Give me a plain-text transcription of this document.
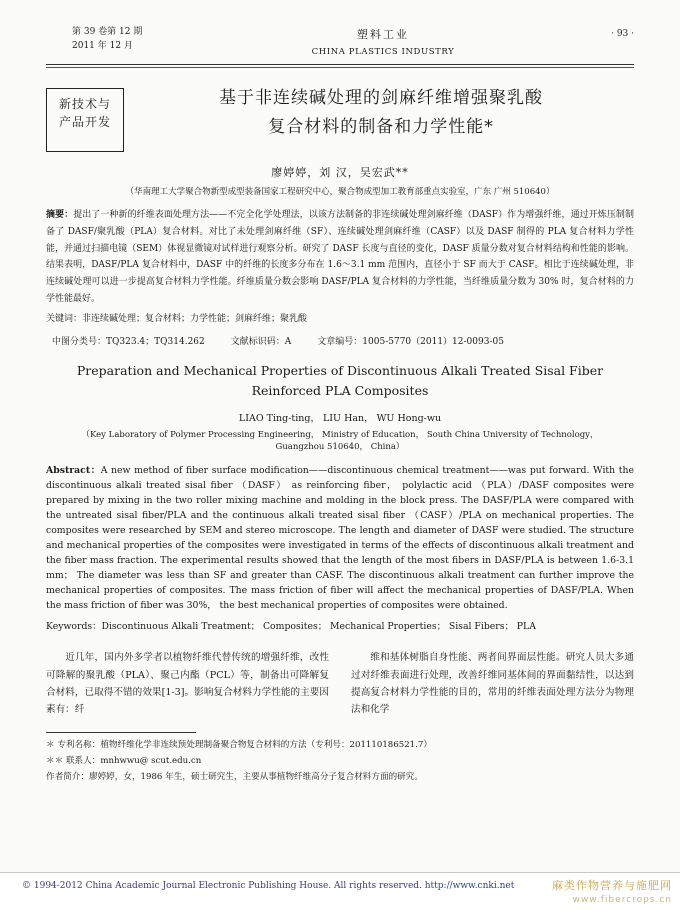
第 39 卷第 12 期
2011 年 12 月
塑料工业
CHINA PLASTICS INDUSTRY
· 93 ·
新技术与
产品开发
基于非连续碱处理的剑麻纤维增强聚乳酸
复合材料的制备和力学性能*
廖婷婷，刘 汉，吴宏武**
（华南理工大学聚合物新型成型装备国家工程研究中心，聚合物成型加工教育部重点实验室，广东 广州 510640）
摘要：提出了一种新的纤维表面处理方法——不完全化学处理法，以该方法制备的非连续碱处理剑麻纤维（DASF）作为增强纤维，通过开炼压制制备了 DASF/聚乳酸（PLA）复合材料。对比了未处理剑麻纤维（SF）、连续碱处理剑麻纤维（CASF）以及 DASF 制得的 PLA 复合材料力学性能，并通过扫描电镜（SEM）体视显微镜对试样进行观察分析。研究了 DASF 长度与直径的变化，DASF 质量分数对复合材料结构和性能的影响。结果表明，DASF/PLA 复合材料中，DASF 中的纤维的长度多分布在 1.6～3.1 mm 范围内，直径小于 SF 而大于 CASF。相比于连续碱处理，非连续碱处理可以进一步提高复合材料力学性能。纤维质量分数会影响 DASF/PLA 复合材料的力学性能，当纤维质量分数为 30% 时，复合材料的力学性能最好。
关键词：非连续碱处理；复合材料；力学性能；剑麻纤维；聚乳酸
中图分类号：TQ323.4；TQ314.262	文献标识码：A	文章编号：1005-5770（2011）12-0093-05
Preparation and Mechanical Properties of Discontinuous Alkali Treated Sisal Fiber
Reinforced PLA Composites
LIAO Ting-ting， LIU Han， WU Hong-wu
（Key Laboratory of Polymer Processing Engineering， Ministry of Education， South China University of Technology，
Guangzhou 510640， China）
Abstract：A new method of fiber surface modification——discontinuous chemical treatment——was put forward. With the discontinuous alkali treated sisal fiber （DASF） as reinforcing fiber， polylactic acid （PLA）/DASF composites were prepared by mixing in the two roller mixing machine and molding in the block press. The DASF/PLA were compared with the untreated sisal fiber/PLA and the continuous alkali treated sisal fiber （CASF）/PLA on mechanical properties. The composites were researched by SEM and stereo microscope. The length and diameter of DASF were studied. The structure and mechanical properties of the composites were investigated in terms of the effects of discontinuous alkali treatment and the fiber mass fraction. The experimental results showed that the length of the most fibers in DASF/PLA is between 1.6-3.1 mm； The diameter was less than SF and greater than CASF. The discontinuous alkali treatment can further improve the mechanical properties of composites. The mass friction of fiber will affect the mechanical properties of DASF/PLA. When the mass friction of fiber was 30%， the best mechanical properties of composites were obtained.
Keywords：Discontinuous Alkali Treatment； Composites； Mechanical Properties； Sisal Fibers； PLA

近几年，国内外多学者以植物纤维代替传统的增强纤维，改性可降解的聚乳酸（PLA）、聚己内酯（PCL）等，制备出可降解复合材料，已取得不错的效果[1-3]。影响复合材料力学性能的主要因素有：纤

维和基体树脂自身性能、两者间界面层性能。研究人员大多通过对纤维表面进行处理，改善纤维同基体间的界面黏结性，以达到提高复合材料力学性能的目的，常用的纤维表面处理方法分为物理法和化学

＊ 专利名称：植物纤维化学非连续预处理制备聚合物复合材料的方法（专利号：201110186521.7）
＊＊ 联系人：mnhwwu@ scut.edu.cn
作者简介：廖婷婷，女，1986 年生，硕士研究生，主要从事植物纤维高分子复合材料方面的研究。
© 1994-2012 China Academic Journal Electronic Publishing House. All rights reserved. http://www.cnki.net	麻类作物营养与施肥网
www.fibercrops.cn
